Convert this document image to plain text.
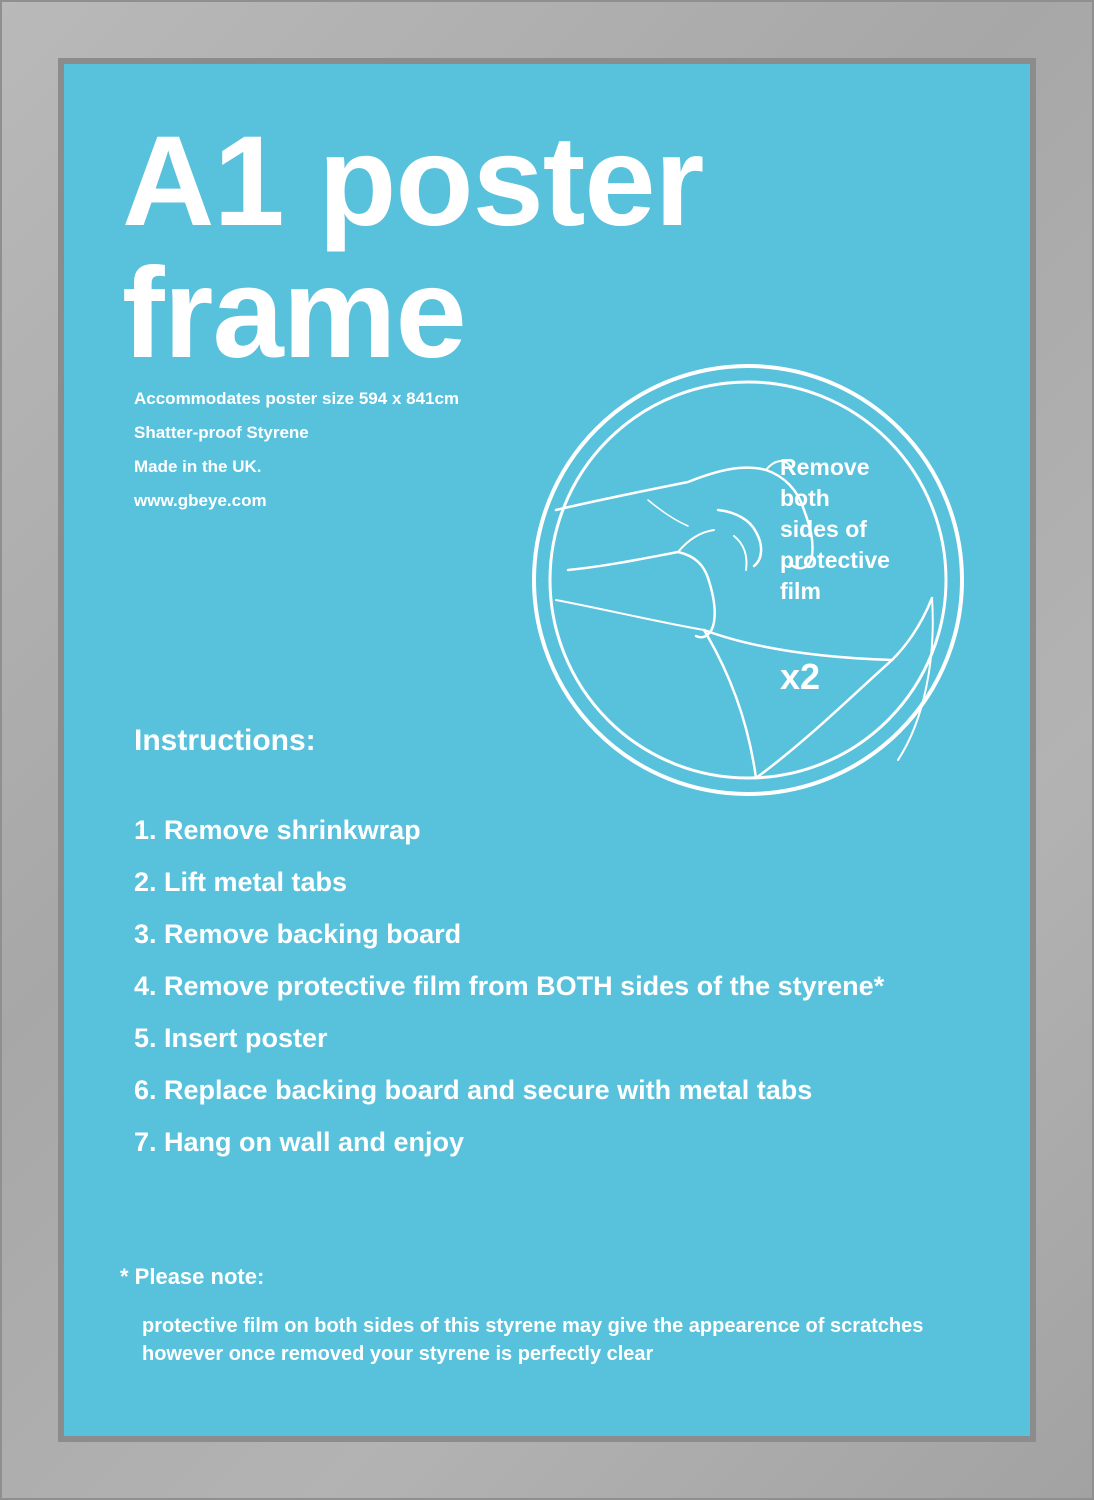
A1 poster
frame
Accommodates poster size 594 x 841cm
Shatter-proof Styrene
Made in the UK.
www.gbeye.com
Remove
both
sides of
protective
film
x2
Instructions:
1. Remove shrinkwrap
2. Lift metal tabs
3. Remove backing board
4. Remove protective film from BOTH sides of the styrene*
5. Insert poster
6. Replace backing board and secure with metal tabs
7. Hang on wall and enjoy
* Please note:

protective film on both sides of this styrene may give the appearence of scratches however once removed your styrene is perfectly clear
